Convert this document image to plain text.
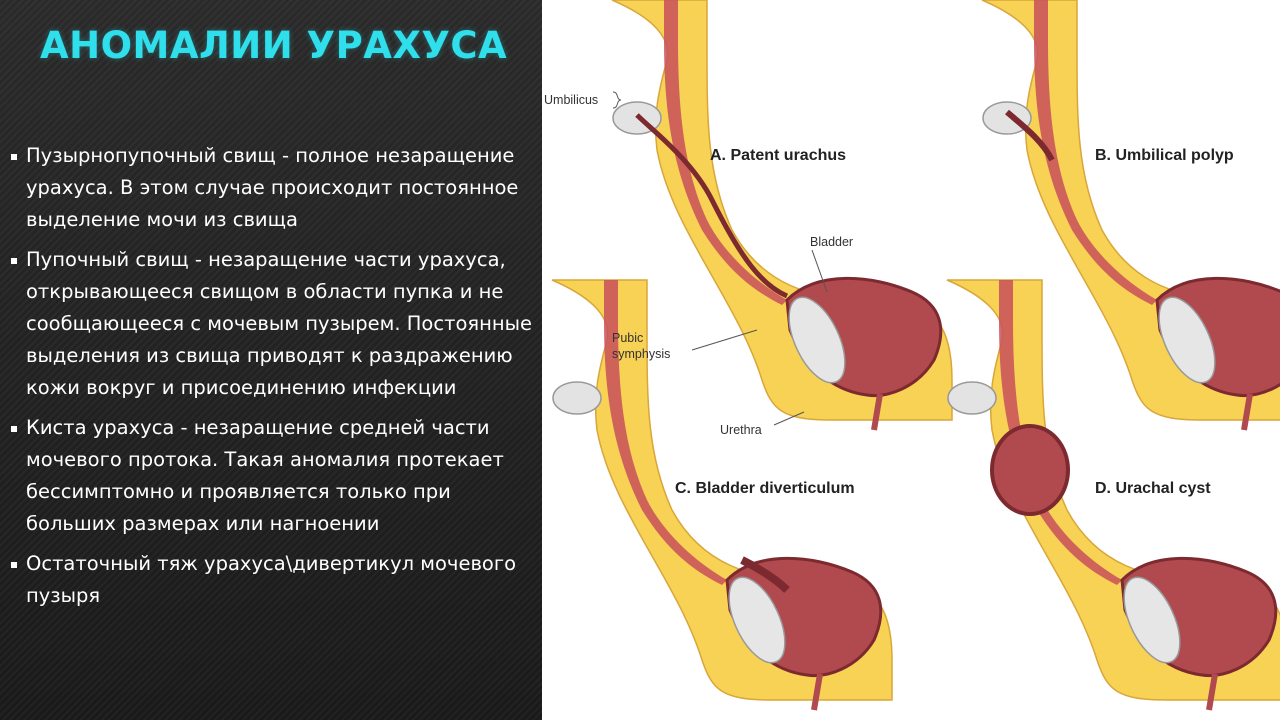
АНОМАЛИИ УРАХУСА
Пузырнопупочный свищ - полное незаращение урахуса. В этом случае происходит постоянное выделение мочи из свища
Пупочный свищ - незаращение части урахуса, открывающееся свищом в области пупка и не сообщающееся с мочевым пузырем. Постоянные выделения из свища приводят к раздражению кожи вокруг и присоединению инфекции
Киста урахуса - незаращение средней части мочевого протока. Такая аномалия протекает бессимптомно и проявляется только при больших размерах или нагноении
Остаточный тяж урахуса\дивертикул мочевого пузыря
Umbilicus
Bladder
Pubic
symphysis
Urethra
A. Patent urachus	B. Umbilical polyp
C. Bladder diverticulum	D. Urachal cyst
